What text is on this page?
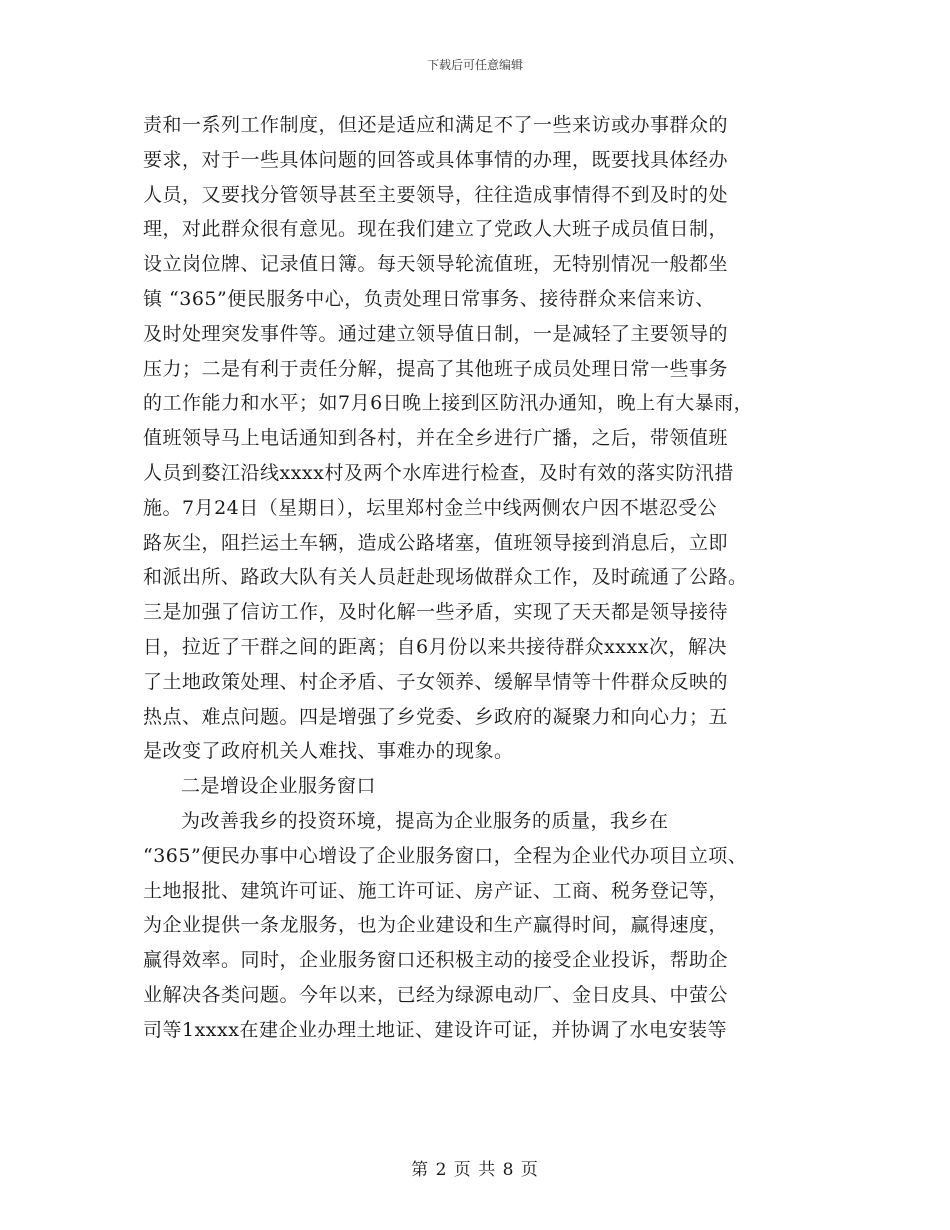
下载后可任意编辑
责和一系列工作制度，但还是适应和满足不了一些来访或办事群众的
要求，对于一些具体问题的回答或具体事情的办理，既要找具体经办
人员，又要找分管领导甚至主要领导，往往造成事情得不到及时的处
理，对此群众很有意见。现在我们建立了党政人大班子成员值日制，
设立岗位牌、记录值日簿。每天领导轮流值班，无特别情况一般都坐
镇 “365”便民服务中心，负责处理日常事务、接待群众来信来访、
及时处理突发事件等。通过建立领导值日制，一是减轻了主要领导的
压力；二是有利于责任分解，提高了其他班子成员处理日常一些事务
的工作能力和水平；如7月6日晚上接到区防汛办通知，晚上有大暴雨，
值班领导马上电话通知到各村，并在全乡进行广播，之后，带领值班
人员到婺江沿线xxxx村及两个水库进行检查，及时有效的落实防汛措
施。7月24日（星期日），坛里郑村金兰中线两侧农户因不堪忍受公
路灰尘，阻拦运土车辆，造成公路堵塞，值班领导接到消息后，立即
和派出所、路政大队有关人员赶赴现场做群众工作，及时疏通了公路。
三是加强了信访工作，及时化解一些矛盾，实现了天天都是领导接待
日，拉近了干群之间的距离；自6月份以来共接待群众xxxx次，解决
了土地政策处理、村企矛盾、子女领养、缓解旱情等十件群众反映的
热点、难点问题。四是增强了乡党委、乡政府的凝聚力和向心力；五
是改变了政府机关人难找、事难办的现象。
二是增设企业服务窗口
为改善我乡的投资环境，提高为企业服务的质量，我乡在
“365”便民办事中心增设了企业服务窗口，全程为企业代办项目立项、
土地报批、建筑许可证、施工许可证、房产证、工商、税务登记等，
为企业提供一条龙服务，也为企业建设和生产赢得时间，赢得速度，
赢得效率。同时，企业服务窗口还积极主动的接受企业投诉，帮助企
业解决各类问题。今年以来，已经为绿源电动厂、金日皮具、中萤公
司等1xxxx在建企业办理土地证、建设许可证，并协调了水电安装等
第 2 页 共 8 页
